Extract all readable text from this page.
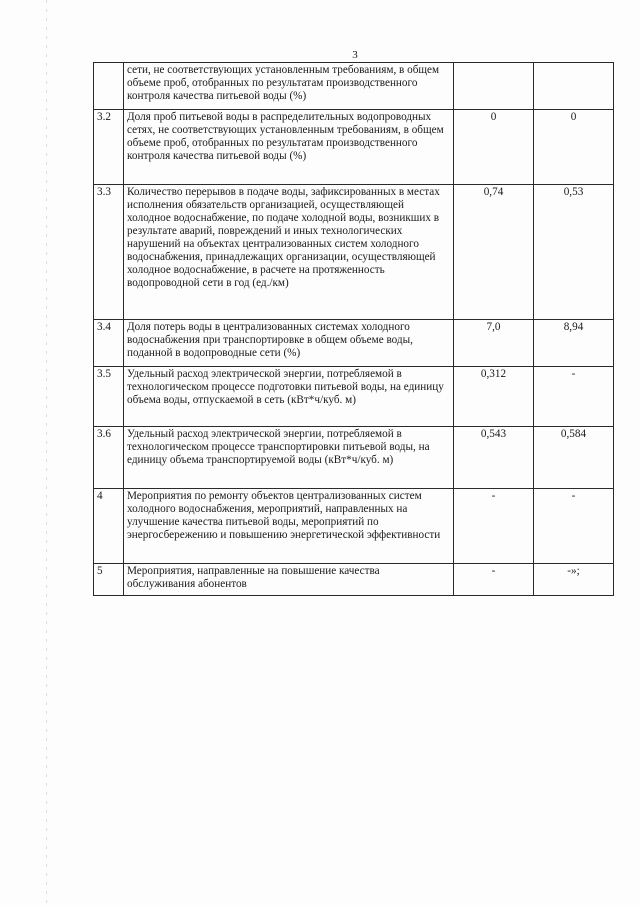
3
	сети, не соответствующих установленным требованиям, в общем объеме проб, отобранных по результатам производственного контроля качества питьевой воды (%)		
3.2	Доля проб питьевой воды в распределительных водопроводных сетях, не соответствующих установленным требованиям, в общем объеме проб, отобранных по результатам производственного контроля качества питьевой воды (%)	0	0
3.3	Количество перерывов в подаче воды, зафиксированных в местах исполнения обязательств организацией, осуществляющей холодное водоснабжение, по подаче холодной воды, возникших в результате аварий, повреждений и иных технологических нарушений на объектах централизованных систем холодного водоснабжения, принадлежащих организации, осуществляющей холодное водоснабжение, в расчете на протяженность водопроводной сети в год (ед./км)	0,74	0,53
3.4	Доля потерь воды в централизованных системах холодного водоснабжения при транспортировке в общем объеме воды, поданной в водопроводные сети (%)	7,0	8,94
3.5	Удельный расход электрической энергии, потребляемой в технологическом процессе подготовки питьевой воды, на единицу объема воды, отпускаемой в сеть (кВт*ч/куб. м)	0,312	-
3.6	Удельный расход электрической энергии, потребляемой в технологическом процессе транспортировки питьевой воды, на единицу объема транспортируемой воды (кВт*ч/куб. м)	0,543	0,584
4	Мероприятия по ремонту объектов централизованных систем холодного водоснабжения, мероприятий, направленных на улучшение качества питьевой воды, мероприятий по энергосбережению и повышению энергетической эффективности	-	-
5	Мероприятия, направленные на повышение качества обслуживания абонентов	-	-»;
